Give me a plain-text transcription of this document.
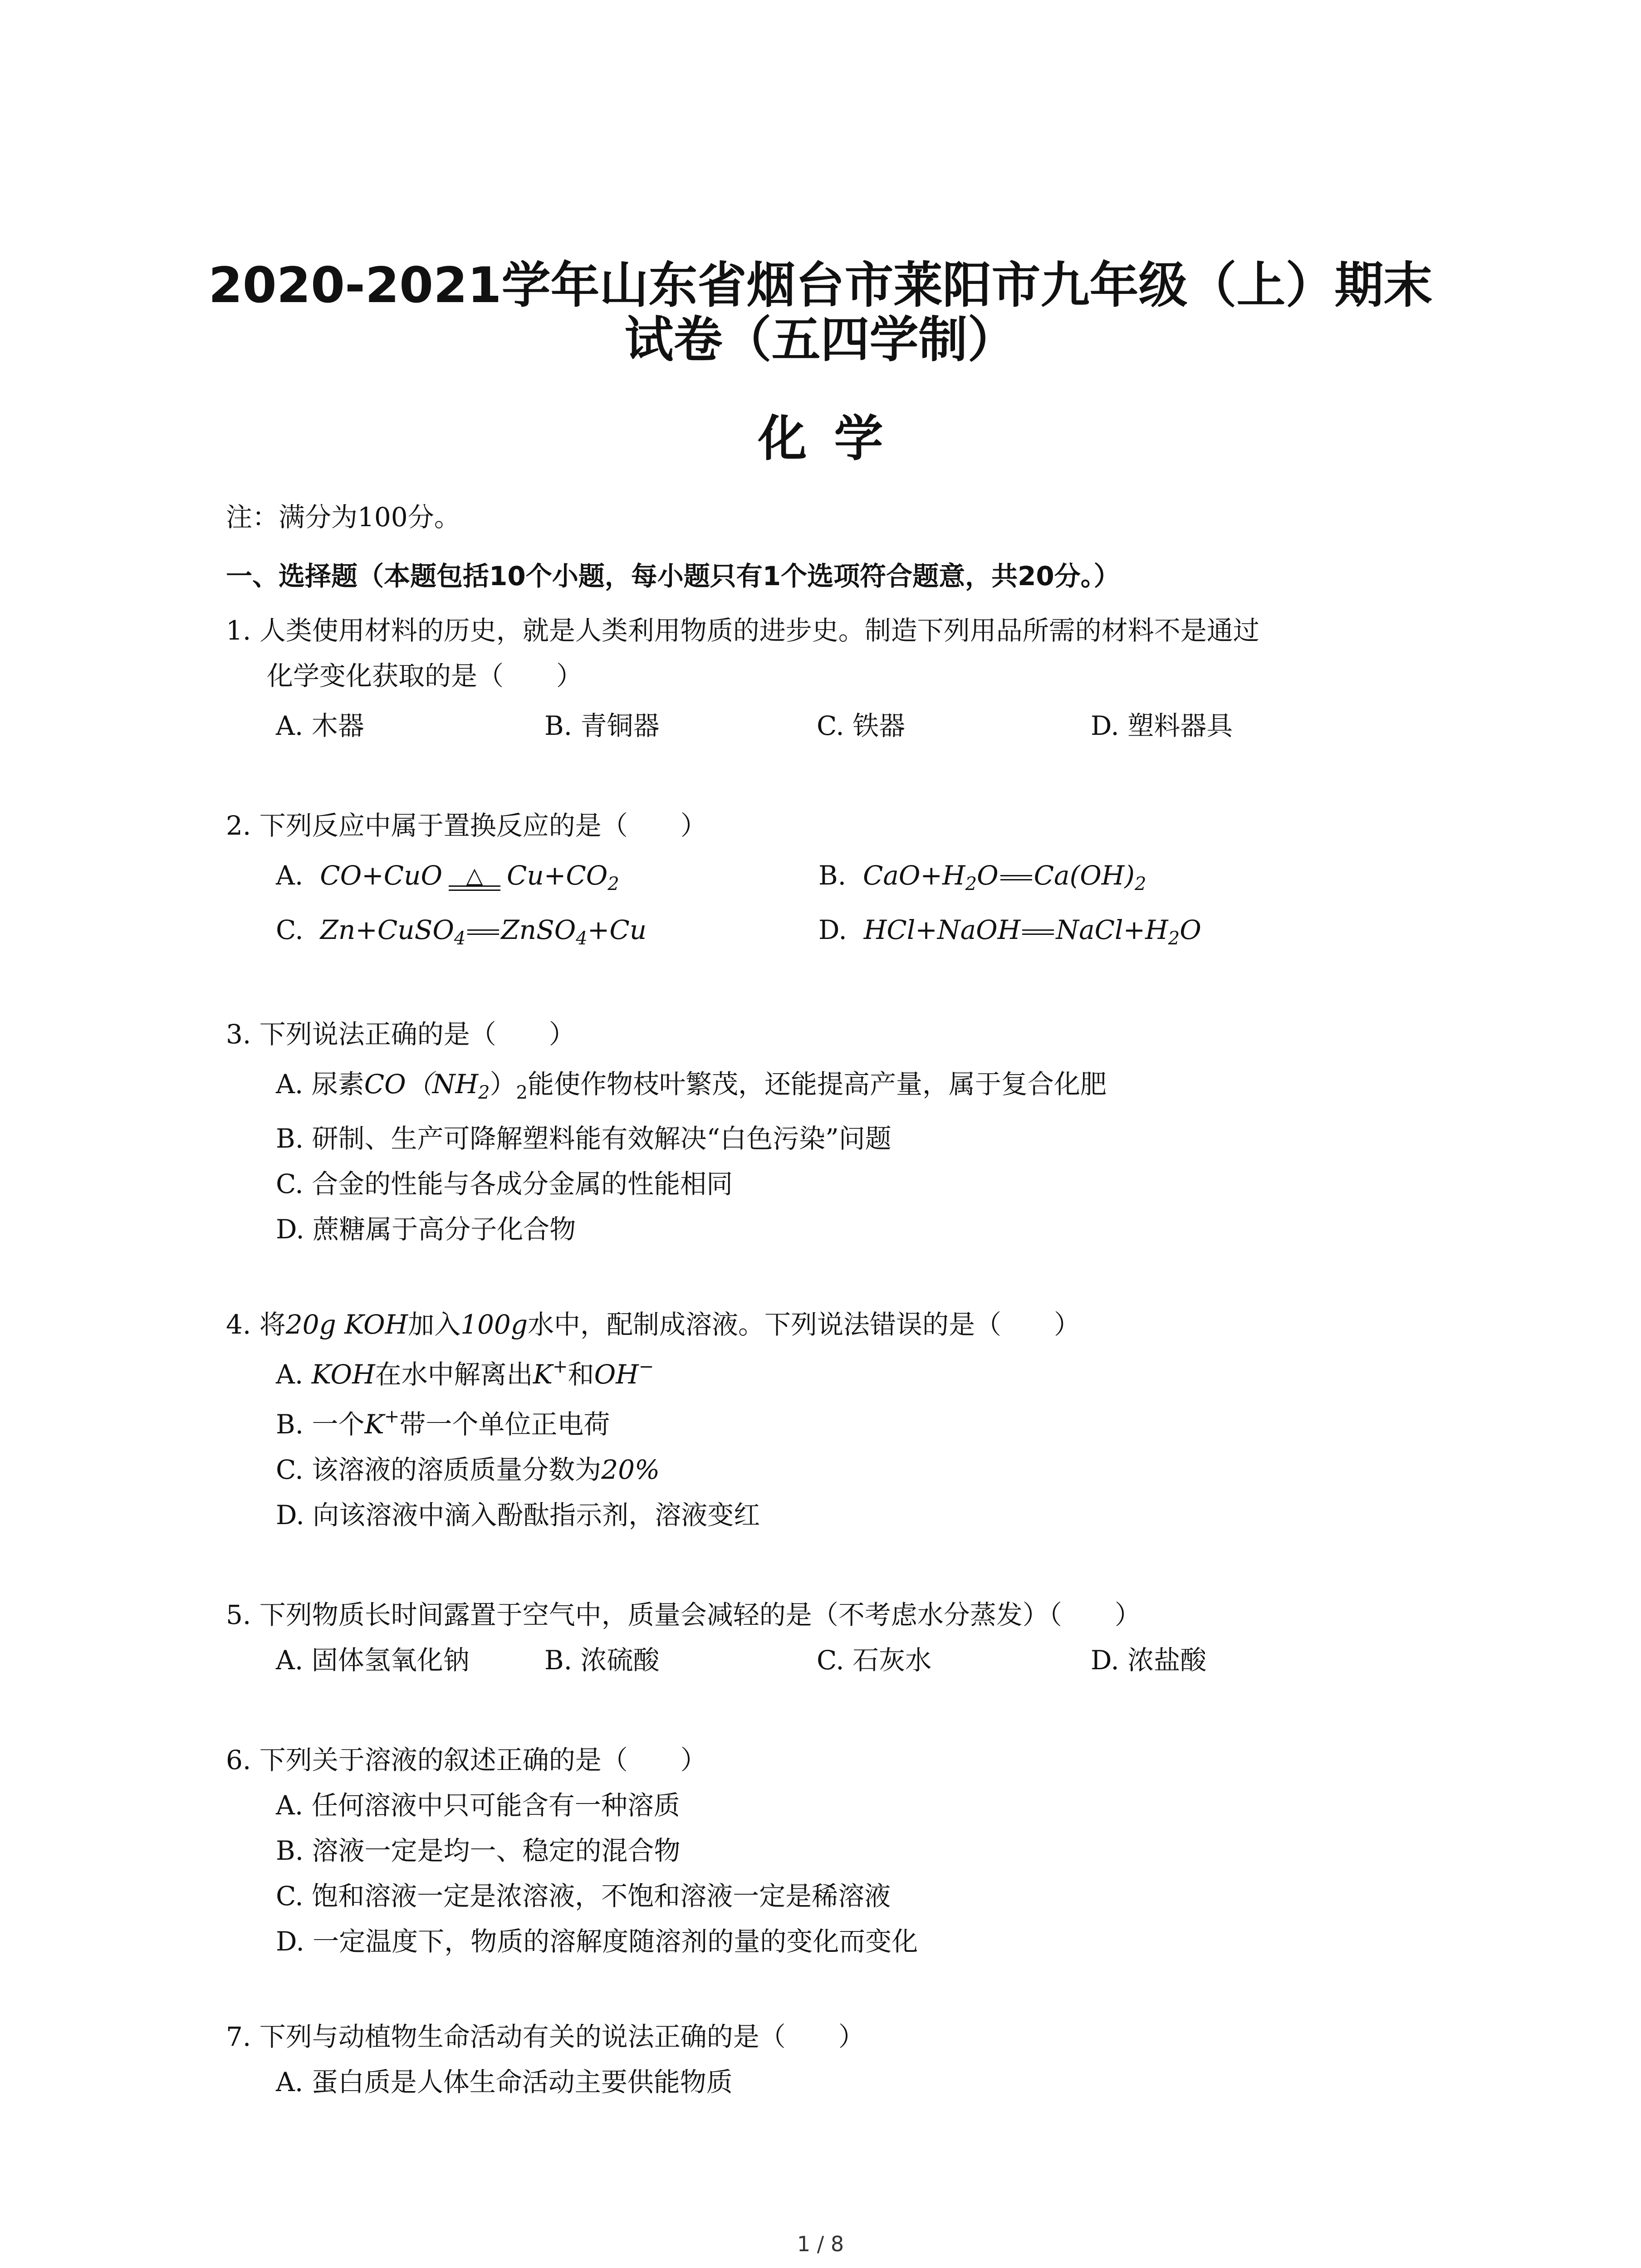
2020-2021学年山东省烟台市莱阳市九年级（上）期末
试卷（五四学制）
化学
注：满分为100分。
一、选择题（本题包括10个小题，每小题只有1个选项符合题意，共20分。）
1. 人类使用材料的历史，就是人类利用物质的进步史。制造下列用品所需的材料不是通过
化学变化获取的是（　　）
A. 木器	B. 青铜器	C. 铁器	D. 塑料器具
2. 下列反应中属于置换反应的是（　　）
A. CO+CuO △ $Cu+CO_2$	B. $CaO+H_2O$ $Ca(OH)_2$
C. Zn+CuSO$_4$ ZnSO$_4$+Cu	D. HCl+NaOH $NaCl+H_2O$
3. 下列说法正确的是（　　）
A. 尿素$CO(NH_2)_2$能使作物枝叶繁茂，还能提高产量，属于复合化肥
B. 研制、生产可降解塑料能有效解决“白色污染”问题
C. 合金的性能与各成分金属的性能相同
D. 蔗糖属于高分子化合物
4. 将20g KOH加入100g水中，配制成溶液。下列说法错误的是（　　）
A. KOH在水中解离出K+和OH−
B. 一个K+带一个单位正电荷
C. 该溶液的溶质质量分数为20%
D. 向该溶液中滴入酚酞指示剂，溶液变红
5. 下列物质长时间露置于空气中，质量会减轻的是（不考虑水分蒸发）（　　）
A. 固体氢氧化钠	B. 浓硫酸	C. 石灰水	D. 浓盐酸
6. 下列关于溶液的叙述正确的是（　　）
A. 任何溶液中只可能含有一种溶质
B. 溶液一定是均一、稳定的混合物
C. 饱和溶液一定是浓溶液，不饱和溶液一定是稀溶液
D. 一定温度下，物质的溶解度随溶剂的量的变化而变化
7. 下列与动植物生命活动有关的说法正确的是（　　）
A. 蛋白质是人体生命活动主要供能物质
1 / 8
